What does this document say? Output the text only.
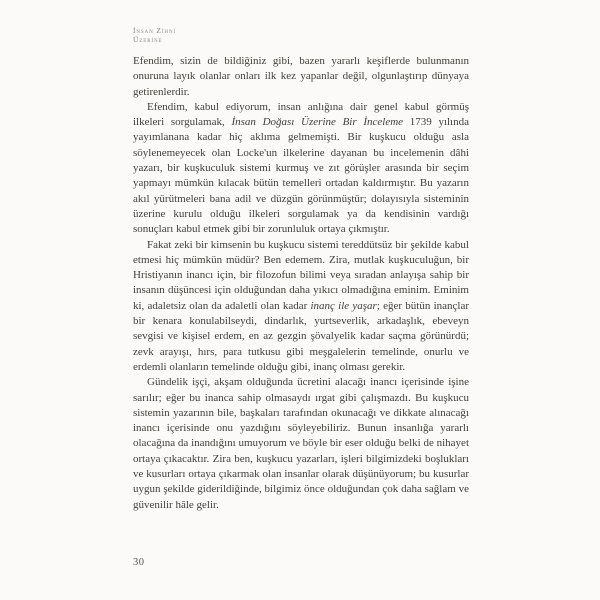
İnsan Zihni
Üzerine

Efendim, sizin de bildiğiniz gibi, bazen yararlı keşiflerde bulunmanın onuruna layık olanlar onları ilk kez yapanlar değil, olgunlaştırıp dünyaya getirenlerdir.

Efendim, kabul ediyorum, insan anlığına dair genel kabul görmüş ilkeleri sorgulamak, İnsan Doğası Üzerine Bir İnceleme 1739 yılında yayımlanana kadar hiç aklıma gelmemişti. Bir kuşkucu olduğu asla söylenemeyecek olan Locke'un ilkelerine dayanan bu incelemenin dâhi yazarı, bir kuşkuculuk sistemi kurmuş ve zıt görüşler arasında bir seçim yapmayı mümkün kılacak bütün temelleri ortadan kaldırmıştır. Bu yazarın akıl yürütmeleri bana adil ve düzgün görünmüştür; dolayısıyla sisteminin üzerine kurulu olduğu ilkeleri sorgulamak ya da kendisinin vardığı sonuçları kabul etmek gibi bir zorunluluk ortaya çıkmıştır.

Fakat zeki bir kimsenin bu kuşkucu sistemi tereddütsüz bir şekilde kabul etmesi hiç mümkün müdür? Ben edemem. Zira, mutlak kuşkuculuğun, bir Hristiyanın inancı için, bir filozofun bilimi veya sıradan anlayışa sahip bir insanın düşüncesi için olduğundan daha yıkıcı olmadığına eminim. Eminim ki, adaletsiz olan da adaletli olan kadar inanç ile yaşar; eğer bütün inançlar bir kenara konulabilseydi, dindarlık, yurtseverlik, arkadaşlık, ebeveyn sevgisi ve kişisel erdem, en az gezgin şövalyelik kadar saçma görünürdü; zevk arayışı, hırs, para tutkusu gibi meşgalelerin temelinde, onurlu ve erdemli olanların temelinde olduğu gibi, inanç olması gerekir.

Gündelik işçi, akşam olduğunda ücretini alacağı inancı içerisinde işine sarılır; eğer bu inanca sahip olmasaydı ırgat gibi çalışmazdı. Bu kuşkucu sistemin yazarının bile, başkaları tarafından okunacağı ve dikkate alınacağı inancı içerisinde onu yazdığını söyleyebiliriz. Bunun insanlığa yararlı olacağına da inandığını umuyorum ve böyle bir eser olduğu belki de nihayet ortaya çıkacaktır. Zira ben, kuşkucu yazarları, işleri bilgimizdeki boşlukları ve kusurları ortaya çıkarmak olan insanlar olarak düşünüyorum; bu kusurlar uygun şekilde giderildiğinde, bilgimiz önce olduğundan çok daha sağlam ve güvenilir hâle gelir.

30
